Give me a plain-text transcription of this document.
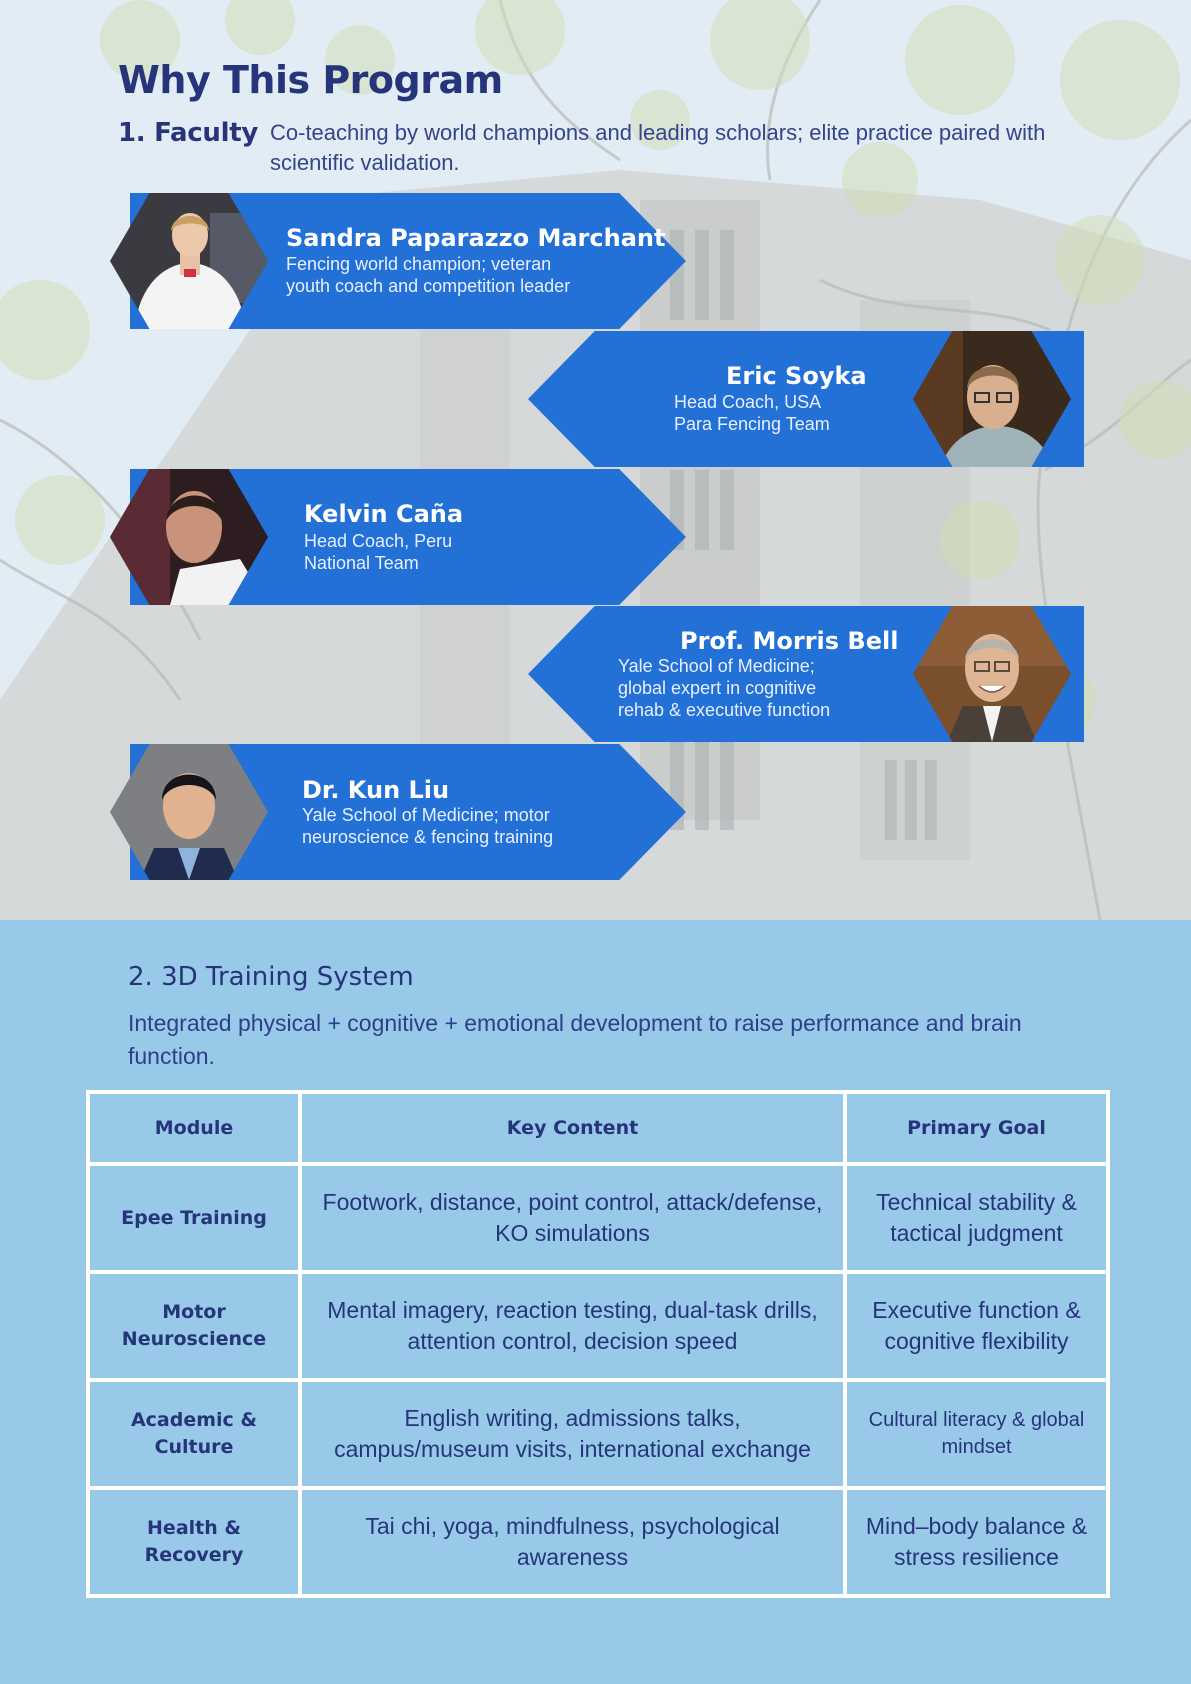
Why This Program
1. Faculty Co-teaching by world champions and leading scholars; elite practice paired with scientific validation.
Sandra Paparazzo Marchant
Fencing world champion; veteran
youth coach and competition leader
Eric Soyka
Head Coach, USA
Para Fencing Team
Kelvin Caña
Head Coach, Peru
National Team
Prof. Morris Bell
Yale School of Medicine;
global expert in cognitive
rehab & executive function
Dr. Kun Liu
Yale School of Medicine; motor
neuroscience & fencing training
2. 3D Training System
Integrated physical + cognitive + emotional development to raise performance and brain function.
Module	Key Content	Primary Goal
Epee Training	Footwork, distance, point control, attack/defense, KO simulations	Technical stability & tactical judgment
Motor Neuroscience	Mental imagery, reaction testing, dual-task drills, attention control, decision speed	Executive function & cognitive flexibility
Academic & Culture	English writing, admissions talks, campus/museum visits, international exchange	Cultural literacy & global mindset
Health & Recovery	Tai chi, yoga, mindfulness, psychological awareness	Mind–body balance & stress resilience
